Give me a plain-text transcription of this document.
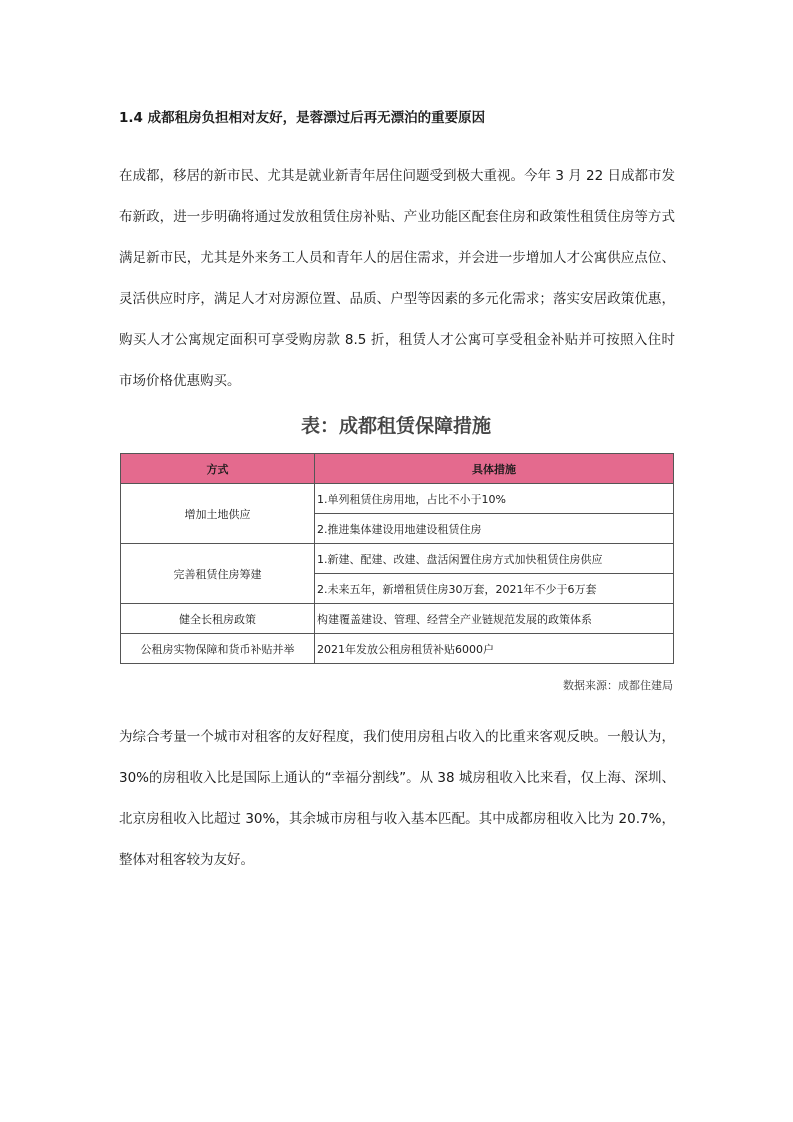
1.4 成都租房负担相对友好，是蓉漂过后再无漂泊的重要原因

在成都，移居的新市民、尤其是就业新青年居住问题受到极大重视。今年 3 月 22 日成都市发布新政，进一步明确将通过发放租赁住房补贴、产业功能区配套住房和政策性租赁住房等方式满足新市民，尤其是外来务工人员和青年人的居住需求，并会进一步增加人才公寓供应点位、灵活供应时序，满足人才对房源位置、品质、户型等因素的多元化需求；落实安居政策优惠，购买人才公寓规定面积可享受购房款 8.5 折，租赁人才公寓可享受租金补贴并可按照入住时市场价格优惠购买。

表：成都租赁保障措施
方式	具体措施
增加土地供应	1.单列租赁住房用地，占比不小于10%
	2.推进集体建设用地建设租赁住房
完善租赁住房筹建	1.新建、配建、改建、盘活闲置住房方式加快租赁住房供应
	2.未来五年，新增租赁住房30万套，2021年不少于6万套
健全长租房政策	构建覆盖建设、管理、经营全产业链规范发展的政策体系
公租房实物保障和货币补贴并举	2021年发放公租房租赁补贴6000户

数据来源：成都住建局

为综合考量一个城市对租客的友好程度，我们使用房租占收入的比重来客观反映。一般认为，30%的房租收入比是国际上通认的“幸福分割线”。从 38 城房租收入比来看，仅上海、深圳、北京房租收入比超过 30%，其余城市房租与收入基本匹配。其中成都房租收入比为 20.7%，整体对租客较为友好。
